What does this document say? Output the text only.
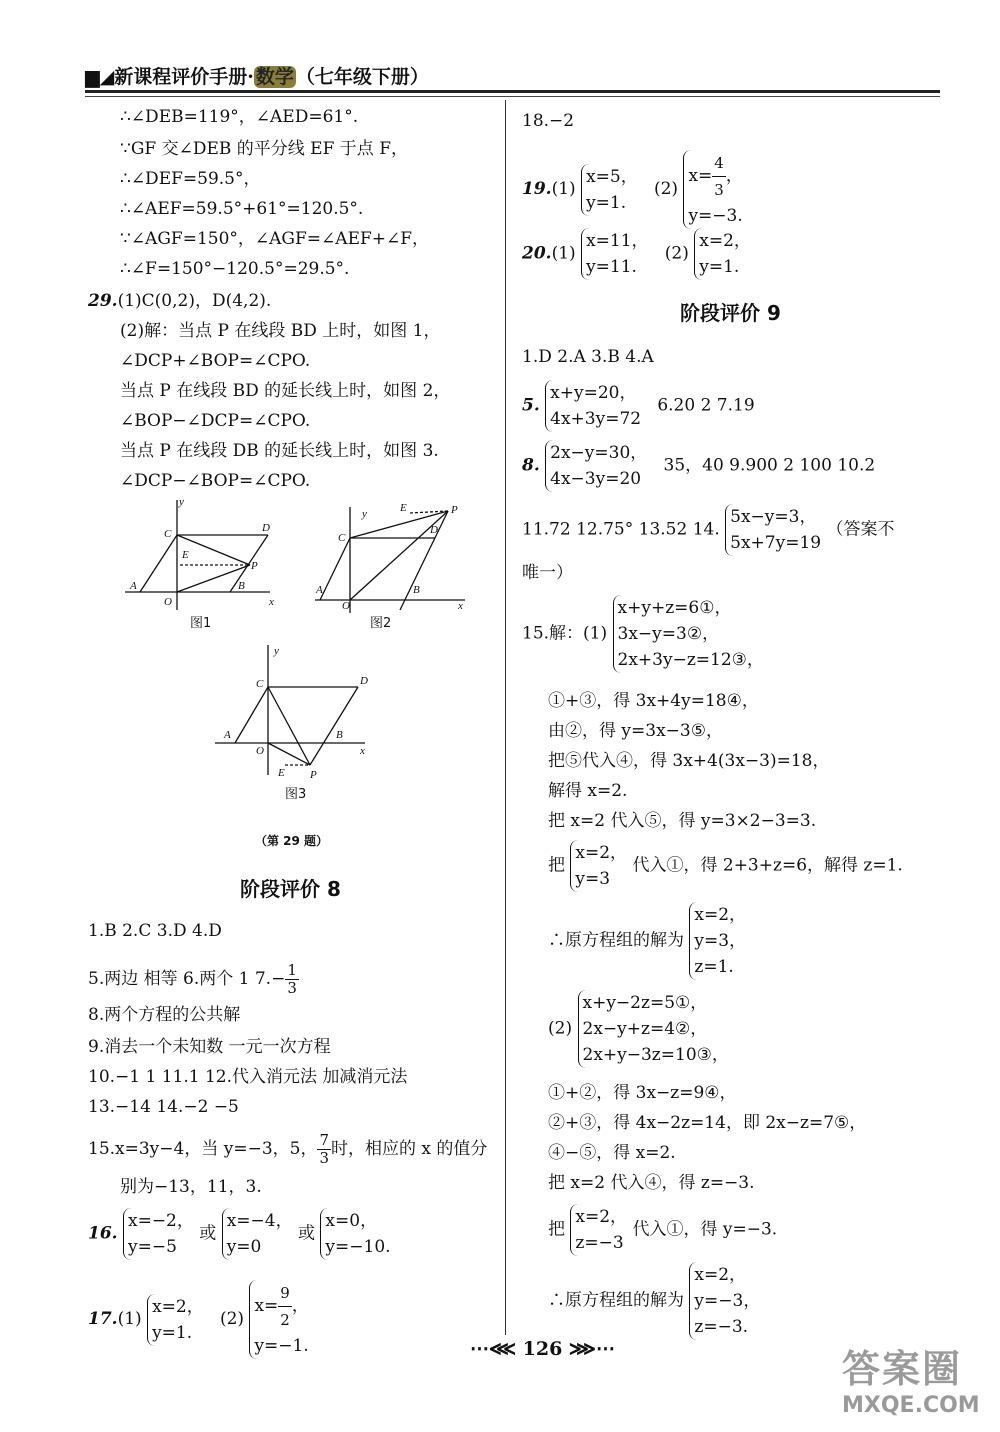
▆◢新课程评价手册· 数学 （七年级下册）
∴∠DEB=119°，∠AED=61°.
∵GF 交∠DEB 的平分线 EF 于点 F，
∴∠DEF=59.5°，
∴∠AEF=59.5°+61°=120.5°.
∵∠AGF=150°，∠AGF=∠AEF+∠F，
∴∠F=150°−120.5°=29.5°.
29.(1)C(0,2)，D(4,2).
(2)解：当点 P 在线段 BD 上时，如图 1，
∠DCP+∠BOP=∠CPO.
当点 P 在线段 BD 的延长线上时，如图 2，
∠BOP−∠DCP=∠CPO.
当点 P 在线段 DB 的延长线上时，如图 3.
∠DCP−∠BOP=∠CPO.
y
C	D
E
P
A
O
B
x
图1
y	E	P
C
D
A
O
B
x
图2
y
C	D
A
O
B
x
E P
图3
（第 29 题）
阶段评价 8
1.B 2.C 3.D 4.D
5.两边 相等 6.两个 1 $7.- \frac{1}{3}$
8.两个方程的公共解
9.消去一个未知数 一元一次方程
10.−1 1 11.1 12.代入消元法 加减消元法
13.−14 14.−2 −5
15.x=3y−4，当 y=−3，5， $\frac{7}{3}$ 时，相应的 x 的值分
别为−13，11，3.
16.
x=−2，
y=−5
或
x=−4，
y=0
或
x=0，
y=−10.
17.(1)
x=2，
y=1.
(2)
$x= \frac{9}{2}$ ，
y=−1.
18.−2
19.(1)
x=5，
y=1.
(2)
$x= \frac{4}{3}$ ，
y=−3.
20.(1)
x=11，
y=11.
(2)
x=2，
y=1.
阶段评价 9
1.D 2.A 3.B 4.A
5.
x+y=20，
4x+3y=72
6.20 2 7.19
8.
2x−y=30，
4x−3y=20
35，40 9.900 2 100 10.2
11.72 12.75° 13.52 14.
5x−y=3，
5x+7y=19
（答案不
唯一）
15.解：(1)
x+y+z=6①，
3x−y=3②，
2x+3y−z=12③，
①+③，得 3x+4y=18④，
由②，得 y=3x−3⑤，
把⑤代入④，得 3x+4(3x−3)=18，
解得 x=2.
把 x=2 代入⑤，得 y=3×2−3=3.
把
x=2，
y=3
代入①，得 2+3+z=6，解得 z=1.
∴原方程组的解为
x=2，
y=3，
z=1.
(2)
x+y−2z=5①，
2x−y+z=4②，
2x+y−3z=10③，
①+②，得 3x−z=9④，
②+③，得 4x−2z=14，即 2x−z=7⑤，
④−⑤，得 x=2.
把 x=2 代入④，得 z=−3.
把
x=2，
z=−3
代入①，得 y=−3.
∴原方程组的解为
x=2，
y=−3，
z=−3.
⋯⋘ 126 ⋙⋯	答案圈
MXQE.COM
